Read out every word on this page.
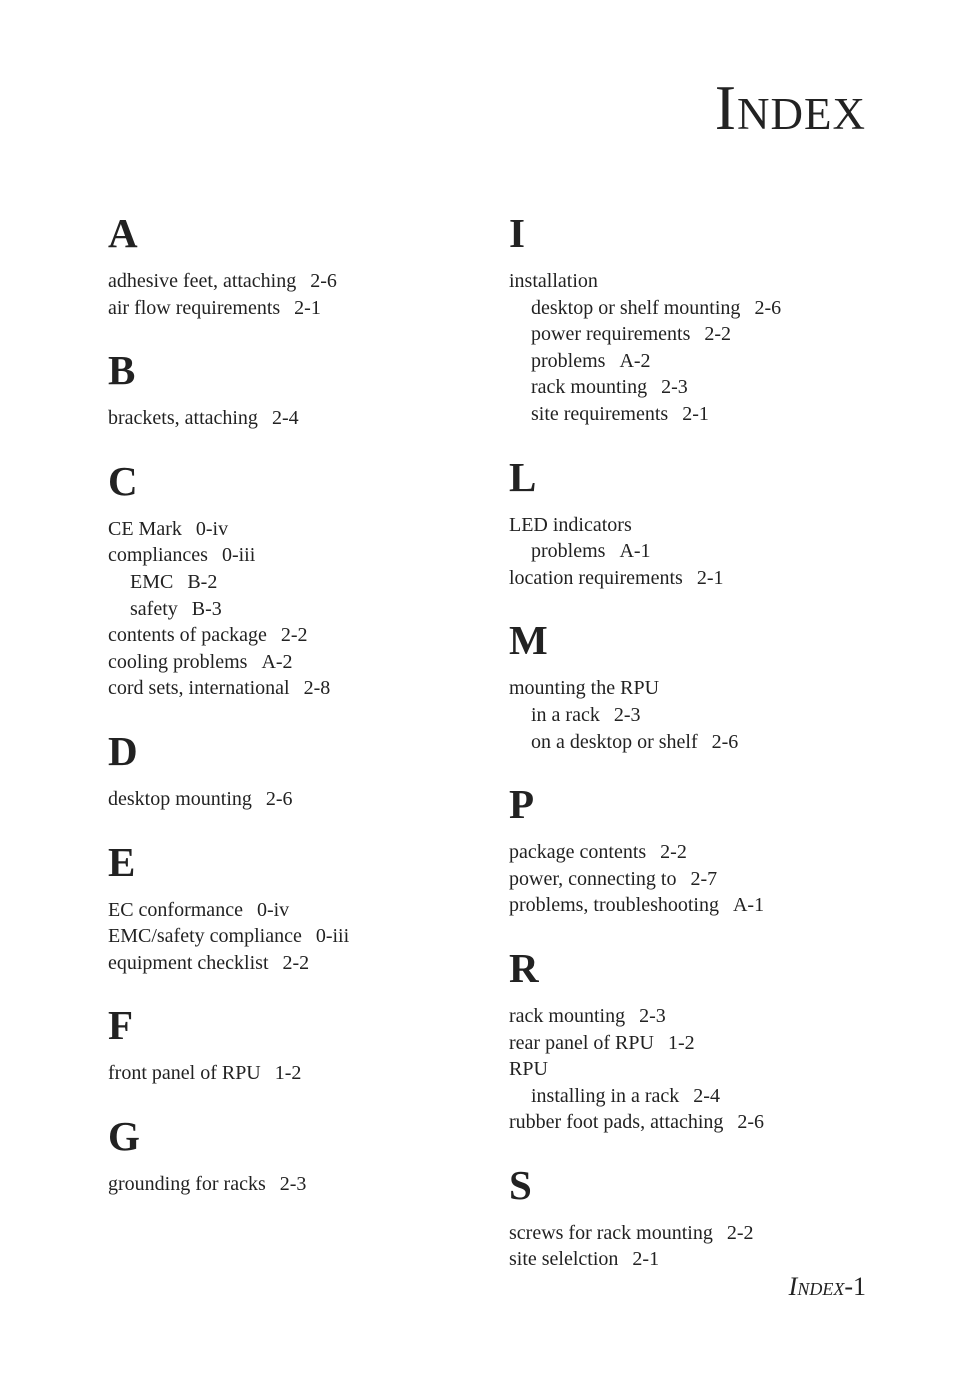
Index
A
adhesive feet, attaching 2-6
air flow requirements 2-1
B
brackets, attaching 2-4
C
CE Mark 0-iv
compliances 0-iii
EMC B-2
safety B-3
contents of package 2-2
cooling problems A-2
cord sets, international 2-8
D
desktop mounting 2-6
E
EC conformance 0-iv
EMC/safety compliance 0-iii
equipment checklist 2-2
F
front panel of RPU 1-2
G
grounding for racks 2-3
I
installation
desktop or shelf mounting 2-6
power requirements 2-2
problems A-2
rack mounting 2-3
site requirements 2-1
L
LED indicators
problems A-1
location requirements 2-1
M
mounting the RPU
in a rack 2-3
on a desktop or shelf 2-6
P
package contents 2-2
power, connecting to 2-7
problems, troubleshooting A-1
R
rack mounting 2-3
rear panel of RPU 1-2
RPU
installing in a rack 2-4
rubber foot pads, attaching 2-6
S
screws for rack mounting 2-2
site selelction 2-1
Index-1
